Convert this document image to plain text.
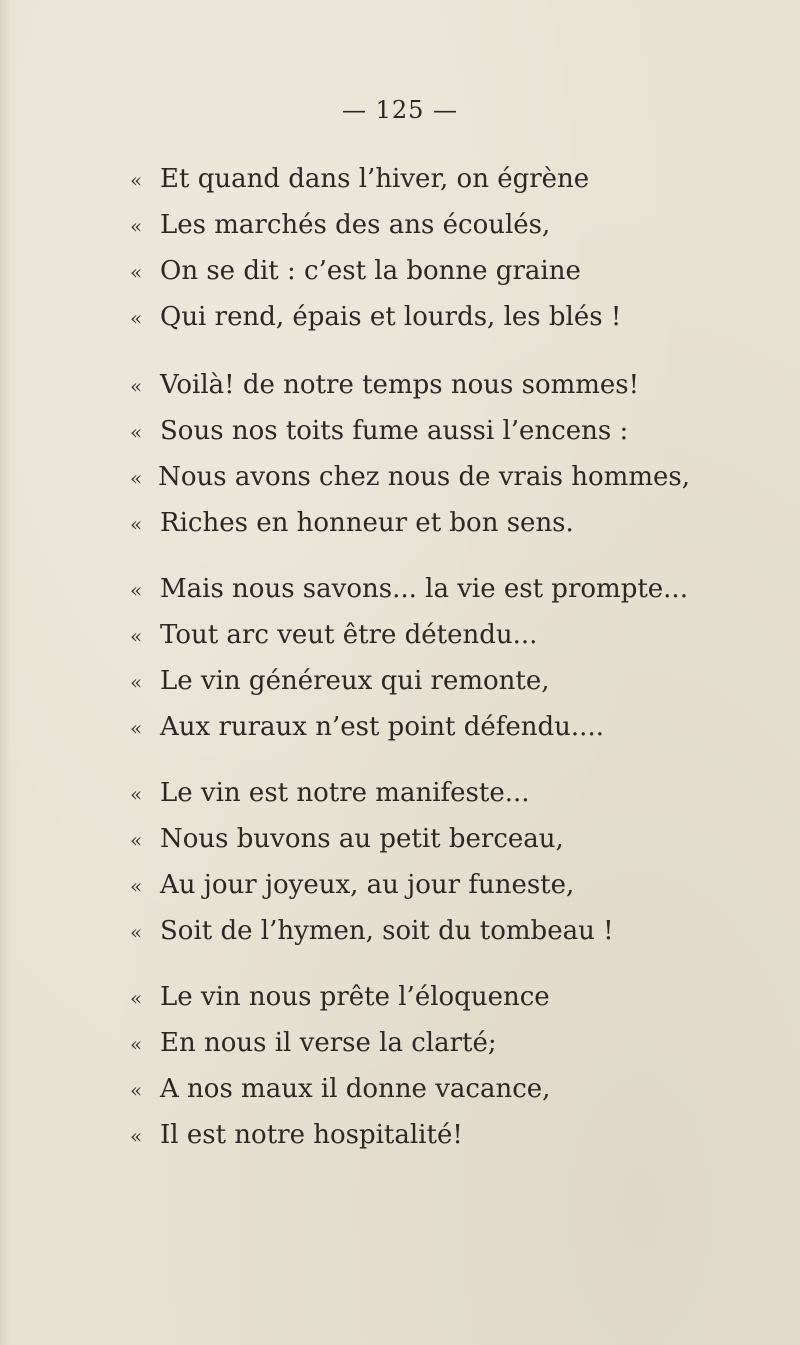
— 125 —
« Et quand dans l’hiver, on égrène
« Les marchés des ans écoulés,
« On se dit : c’est la bonne graine
« Qui rend, épais et lourds, les blés !
« Voilà! de notre temps nous sommes!
« Sous nos toits fume aussi l’encens :
« Nous avons chez nous de vrais hommes,
« Riches en honneur et bon sens.
« Mais nous savons... la vie est prompte...
« Tout arc veut être détendu...
« Le vin généreux qui remonte,
« Aux ruraux n’est point défendu....
« Le vin est notre manifeste...
« Nous buvons au petit berceau,
« Au jour joyeux, au jour funeste,
« Soit de l’hymen, soit du tombeau !
« Le vin nous prête l’éloquence
« En nous il verse la clarté;
« A nos maux il donne vacance,
« Il est notre hospitalité!
